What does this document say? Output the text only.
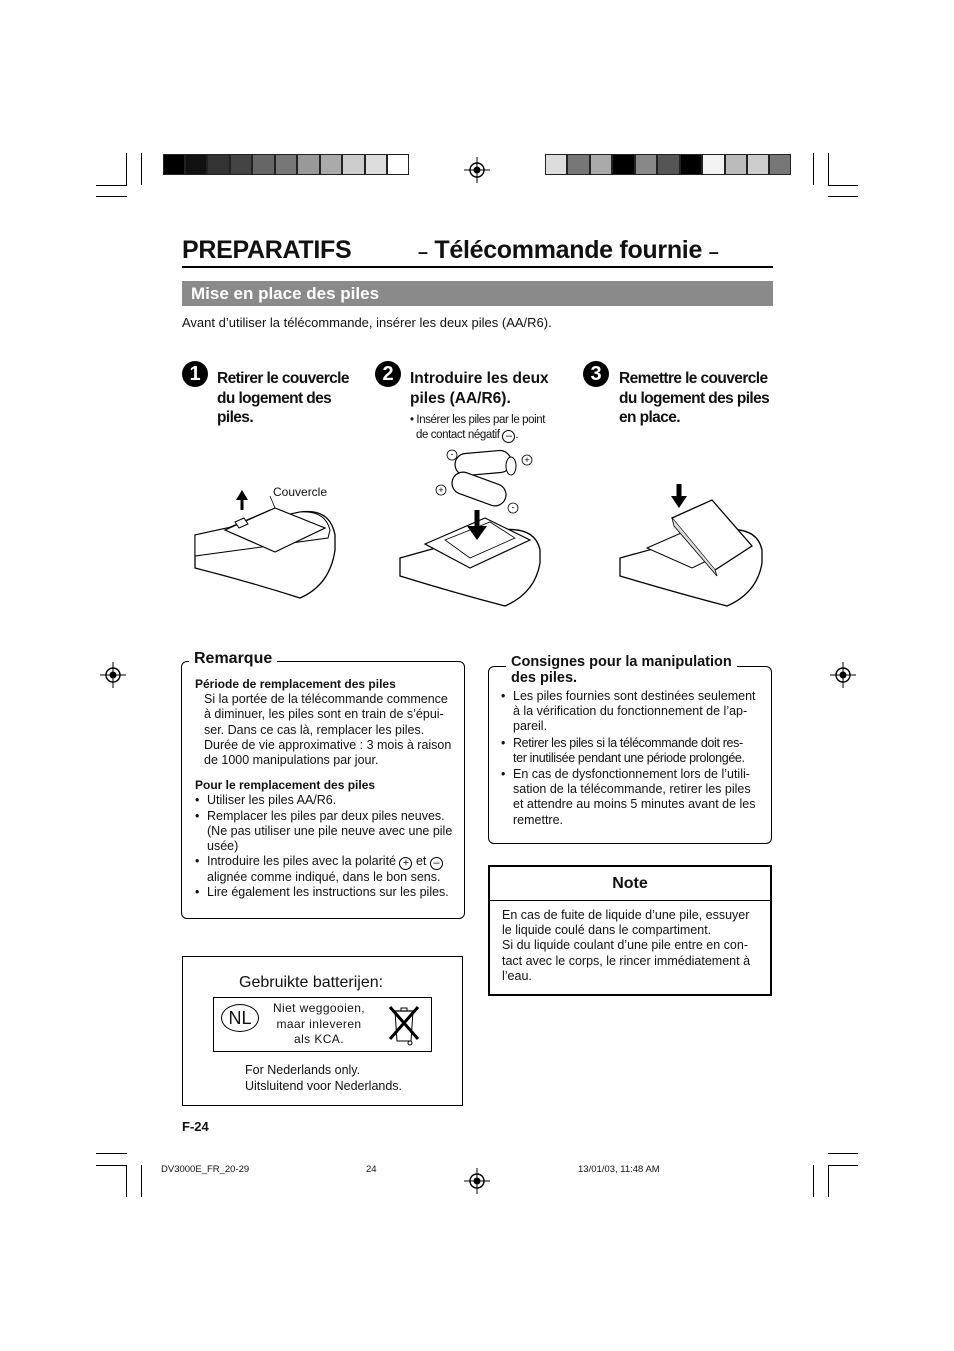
PREPARATIFS	– Télécommande fournie –
Mise en place des piles
Avant d’utiliser la télécommande, insérer les deux piles (AA/R6).
1	Retirer le couvercle
du logement des
piles.
2	Introduire les deux
piles (AA/R6).
• Insérer les piles par le point
de contact négatif – .
3	Remettre le couvercle
du logement des piles
en place.
Couvercle
-
+
+
-
Remarque
Période de remplacement des piles
Si la portée de la télécommande commence
à diminuer, les piles sont en train de s’épui-
ser. Dans ce cas là, remplacer les piles.
Durée de vie approximative : 3 mois à raison
de 1000 manipulations par jour.
Pour le remplacement des piles
• Utiliser les piles AA/R6.
• Remplacer les piles par deux piles neuves.
(Ne pas utiliser une pile neuve avec une pile
usée)
• Introduire les piles avec la polarité + et –
alignée comme indiqué, dans le bon sens.
• Lire également les instructions sur les piles.
Consignes pour la manipulation
des piles.
• Les piles fournies sont destinées seulement
à la vérification du fonctionnement de l’ap-
pareil.
• Retirer les piles si la télécommande doit res-
ter inutilisée pendant une période prolongée.
• En cas de dysfonctionnement lors de l’utili-
sation de la télécommande, retirer les piles
et attendre au moins 5 minutes avant de les
remettre.
Note
En cas de fuite de liquide d’une pile, essuyer
le liquide coulé dans le compartiment.
Si du liquide coulant d’une pile entre en con-
tact avec le corps, le rincer immédiatement à
l’eau.
Gebruikte batterijen:
NL	Niet weggooien,
maar inleveren
als KCA.
For Nederlands only.
Uitsluitend voor Nederlands.
F-24
DV3000E_FR_20-29	24	13/01/03, 11:48 AM
